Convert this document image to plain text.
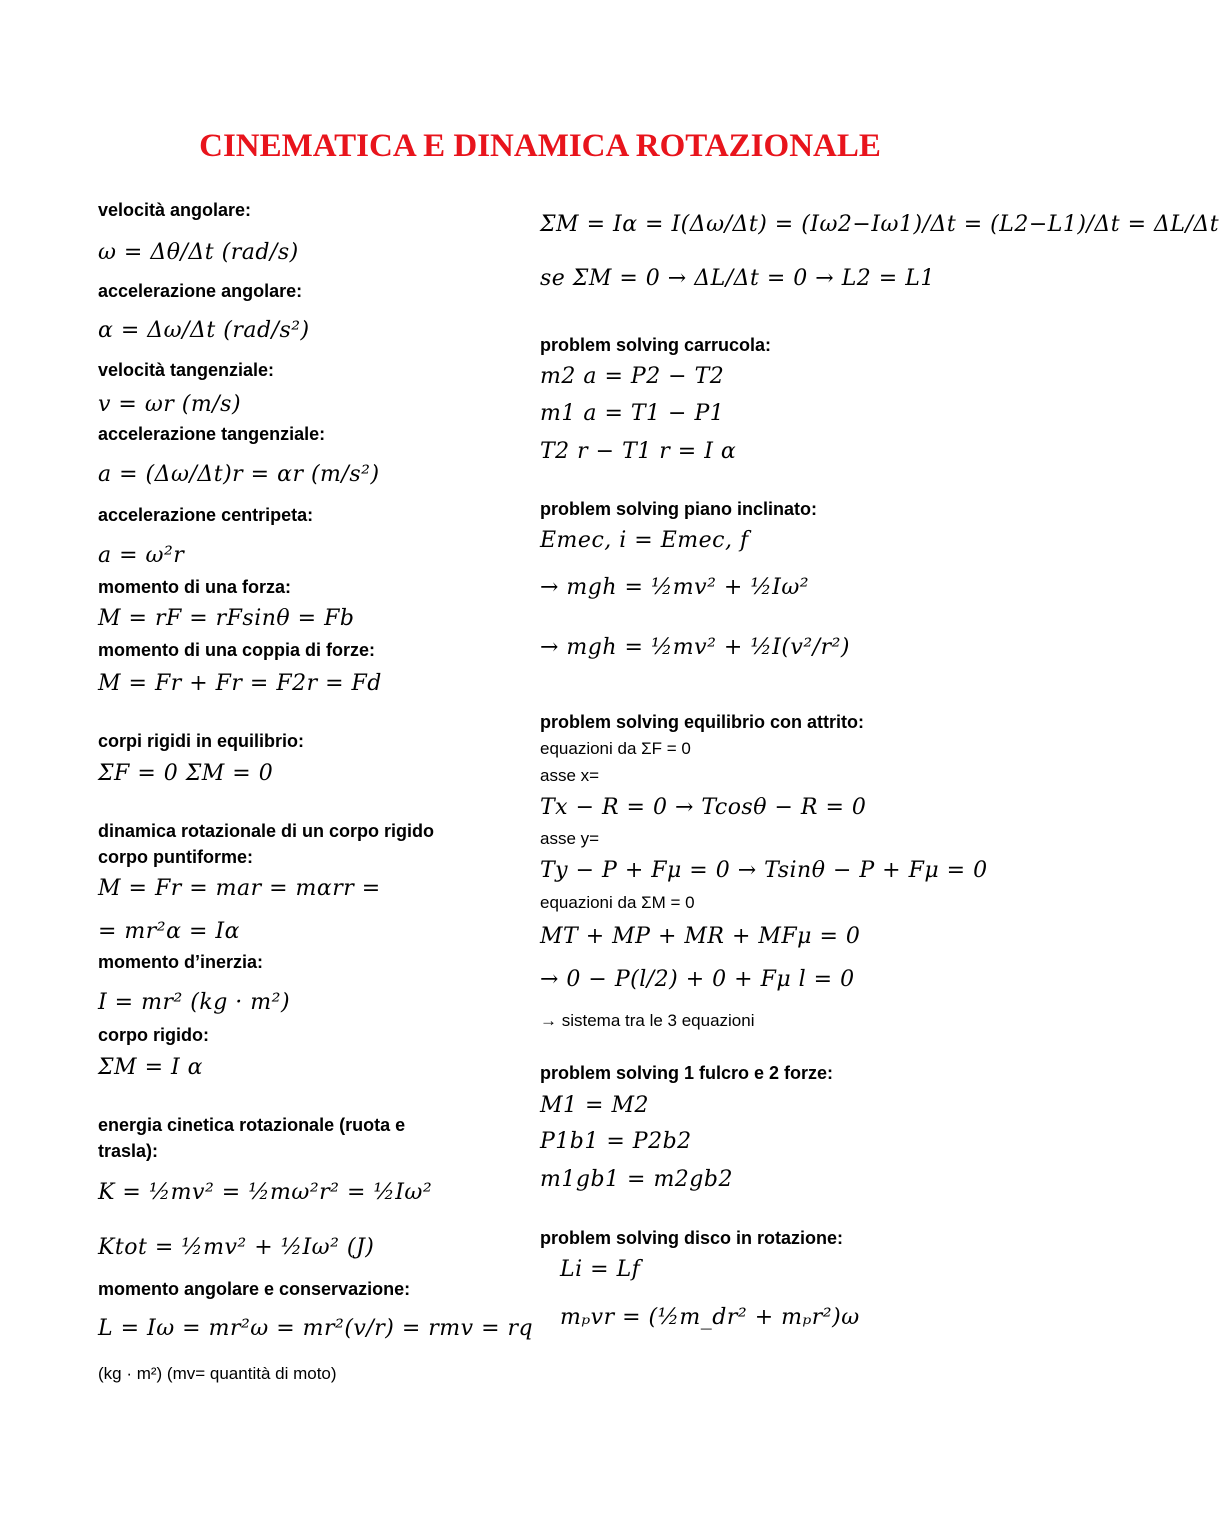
CINEMATICA E DINAMICA ROTAZIONALE
velocità angolare:
ω = Δθ/Δt (rad/s)
accelerazione angolare:
α = Δω/Δt (rad/s²)
velocità tangenziale:
v = ωr (m/s)
accelerazione tangenziale:
a = (Δω/Δt)r = αr (m/s²)
accelerazione centripeta:
a = ω²r
momento di una forza:
M = rF = rFsinθ = Fb
momento di una coppia di forze:
M = Fr + Fr = F2r = Fd
corpi rigidi in equilibrio:
ΣF = 0 ΣM = 0
dinamica rotazionale di un corpo rigido
corpo puntiforme:
M = Fr = mar = mαrr =
= mr²α = Iα
momento d’inerzia:
I = mr² (kg · m²)
corpo rigido:
ΣM = I α
energia cinetica rotazionale (ruota e
trasla):
K = ½mv² = ½mω²r² = ½Iω²
Ktot = ½mv² + ½Iω² (J)
momento angolare e conservazione:
L = Iω = mr²ω = mr²(v/r) = rmv = rq
(kg · m²) (mv= quantità di moto)
ΣM = Iα = I(Δω/Δt) = (Iω2−Iω1)/Δt = (L2−L1)/Δt = ΔL/Δt
se ΣM = 0 → ΔL/Δt = 0 → L2 = L1
problem solving carrucola:
m2 a = P2 − T2
m1 a = T1 − P1
T2 r − T1 r = I α
problem solving piano inclinato:
Emec, i = Emec, f
→ mgh = ½mv² + ½Iω²
→ mgh = ½mv² + ½I(v²/r²)
problem solving equilibrio con attrito:
equazioni da ΣF = 0
asse x=
Tx − R = 0 → Tcosθ − R = 0
asse y=
Ty − P + Fμ = 0 → Tsinθ − P + Fμ = 0
equazioni da ΣM = 0
MT + MP + MR + MFμ = 0
→ 0 − P(l/2) + 0 + Fμ l = 0
→ sistema tra le 3 equazioni
problem solving 1 fulcro e 2 forze:
M1 = M2
P1b1 = P2b2
m1gb1 = m2gb2
problem solving disco in rotazione:
Li = Lf
mₚvr = (½m_dr² + mₚr²)ω
